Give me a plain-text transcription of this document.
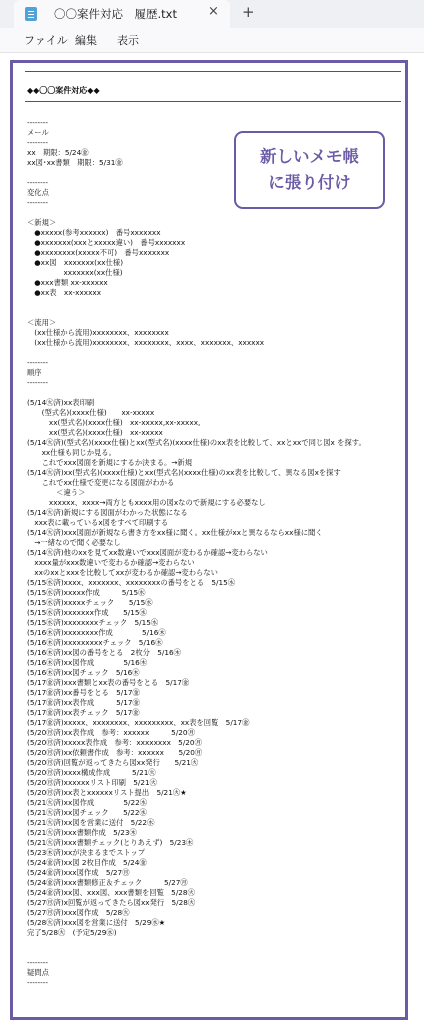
〇〇案件対応　履歴.txt × +
ファイル 編集 表示
◆◆〇〇案件対応◆◆
--------
メール
--------
xx　期限：5/24㊎
xx図･xx書類　期限：5/31㊎
--------
変化点
--------
＜新規＞
　●xxxxx(参考xxxxxx)　番号xxxxxxx
　●xxxxxxx(xxxとxxxxx違い)　番号xxxxxxx
　●xxxxxxxx(xxxxx不可)　番号xxxxxxx
　●xx図　xxxxxxx(xx仕様)
　　　　　xxxxxxx(xx仕様)
　●xxx書類 xx-xxxxxx
　●xx表　xx-xxxxxx
＜流用＞
　(xx仕様から流用)xxxxxxxx、xxxxxxxx
　(xx仕様から流用)xxxxxxxx、xxxxxxxx、xxxx、xxxxxxx、xxxxxx
--------
順序
--------
(5/14㊋済)xx表印刷
　　(型式名)(xxxx仕様)　　xx-xxxxx
　　　xx(型式名)(xxxx仕様)　xx-xxxxx,xx-xxxxx,
　　　xx(型式名)(xxxx仕様)　xx-xxxxx
(5/14㊋済)(型式名)(xxxx仕様)とxx(型式名)(xxxx仕様)のxx表を比較して、xxとxxで同じ図x を探す。
　　xx仕様も同じか見る。
　　これでxxx図面を新規にするか決まる。→新規
(5/14㊋済)xx(型式名)(xxxx仕様)とxx(型式名)(xxxx仕様)のxx表を比較して、異なる図xを探す
　　これでxx仕様で変更になる図面がわかる
　　　　＜違う＞
　　　xxxxxx、xxxx→両方ともxxxx用の図xなので新規にする必要なし
(5/14㊋済)新規にする図面がわかった状態になる
　xxx表に載っているx図をすべて印刷する
(5/14㊋済)xxx図面が新規なら書き方をxx様に聞く。xx仕様がxxと異なるならxx様に聞く
　→一緒なので聞く必要なし
(5/14㊋済)他のxxを見てxx数違いでxxx図面が変わるか確認→変わらない
　xxxx量がxxx数違いで変わるか確認→変わらない
　xxのxxとxxxを比較してxxが変わるか確認→変わらない
(5/15㊌済)xxxx、xxxxxxx、xxxxxxxxの番号をとる　5/15㊌
(5/15㊌済)xxxxx作成　　　5/15㊌
(5/15㊌済)xxxxxチェック　　5/15㊌
(5/15㊌済)xxxxxxx作成　　5/15㊌
(5/15㊌済)xxxxxxxxチェック　5/15㊌
(5/16㊍済)xxxxxxxx作成　　　　5/16㊍
(5/16㊍済)xxxxxxxxxチェック　5/16㊍
(5/16㊍済)xx図の番号をとる　2枚分　5/16㊍
(5/16㊍済)xx図作成　　　　5/16㊍
(5/16㊍済)xx図チェック　5/16㊍
(5/17㊎済)xxx書類とxx表の番号をとる　5/17㊎
(5/17㊎済)xx番号をとる　5/17㊎
(5/17㊎済)xx表作成　　　5/17㊎
(5/17㊎済)xx表チェック　5/17㊎
(5/17㊎済)xxxxx、xxxxxxxx、xxxxxxxxx、xx表を回覧　5/17㊎
(5/20㊊済)xx表作成　参考：xxxxxx　　　5/20㊊
(5/20㊊済)xxxxx表作成　参考：xxxxxxxx　5/20㊊
(5/20㊊済)xx依頼書作成　参考：xxxxxx　　5/20㊊
(5/20㊊済)回覧が返ってきたら図xx発行　　5/21㊋
(5/20㊊済)xxxx構成作成　　　5/21㊋
(5/20㊊済)xxxxxxリスト印刷　5/21㊋
(5/20㊊済)xx表とxxxxxxリスト提出　5/21㊋★
(5/21㊋済)xx図作成　　　　5/22㊌
(5/21㊋済)xx図チェック　　5/22㊌
(5/21㊋済)xx図を営業に送付　5/22㊌
(5/21㊋済)xxx書類作成　5/23㊍
(5/21㊋済)xxx書類チェック(とりあえず)　5/23㊍
(5/23㊍済)xxが決まるまでストップ
(5/24㊎済)xx図 2枚目作成　5/24㊎
(5/24㊎済)xxx図作成　5/27㊊
(5/24㊎済)xxx書類修正＆チェック　　　5/27㊊
(5/24㊎済)xx図、xxx図、xxx書類を回覧　5/28㊋
(5/27㊊済)x回覧が返ってきたら図xx発行　5/28㊋
(5/27㊊済)xxx図作成　5/28㊋
(5/28㊋済)xxx図を営業に送付　5/29㊌★
完了5/28㊋　(予定5/29㊌)
--------
疑問点
--------
新しいメモ帳
に張り付け
